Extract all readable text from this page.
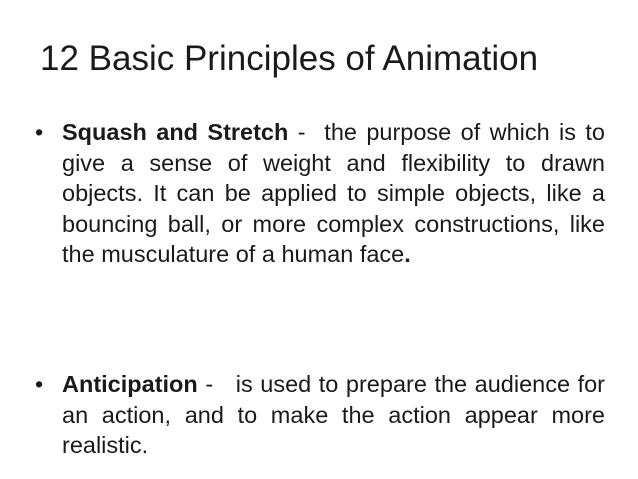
12 Basic Principles of Animation
• Squash and Stretch -  the purpose of which is to give a sense of weight and flexibility to drawn objects. It can be applied to simple objects, like a bouncing ball, or more complex constructions, like the musculature of a human face.
• Anticipation -   is used to prepare the audience for an action, and to make the action appear more realistic.
